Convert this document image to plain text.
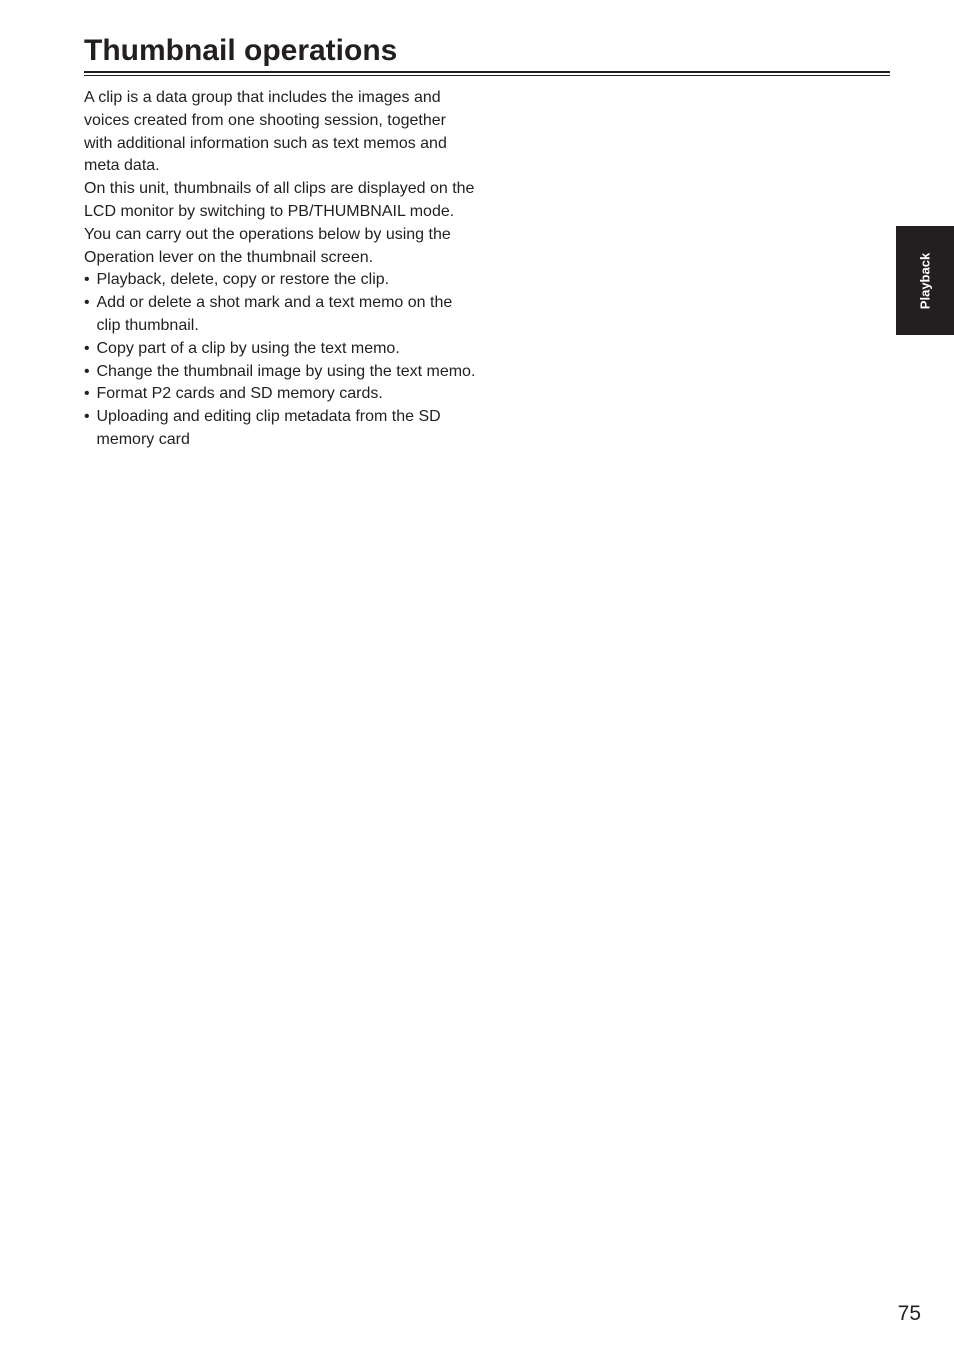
Thumbnail operations

A clip is a data group that includes the images and voices created from one shooting session, together with additional information such as text memos and meta data.

On this unit, thumbnails of all clips are displayed on the LCD monitor by switching to PB/THUMBNAIL mode.

You can carry out the operations below by using the Operation lever on the thumbnail screen.

• Playback, delete, copy or restore the clip.
• Add or delete a shot mark and a text memo on the clip thumbnail.
• Copy part of a clip by using the text memo.
• Change the thumbnail image by using the text memo.
• Format P2 cards and SD memory cards.
• Uploading and editing clip metadata from the SD memory card
Playback
75
